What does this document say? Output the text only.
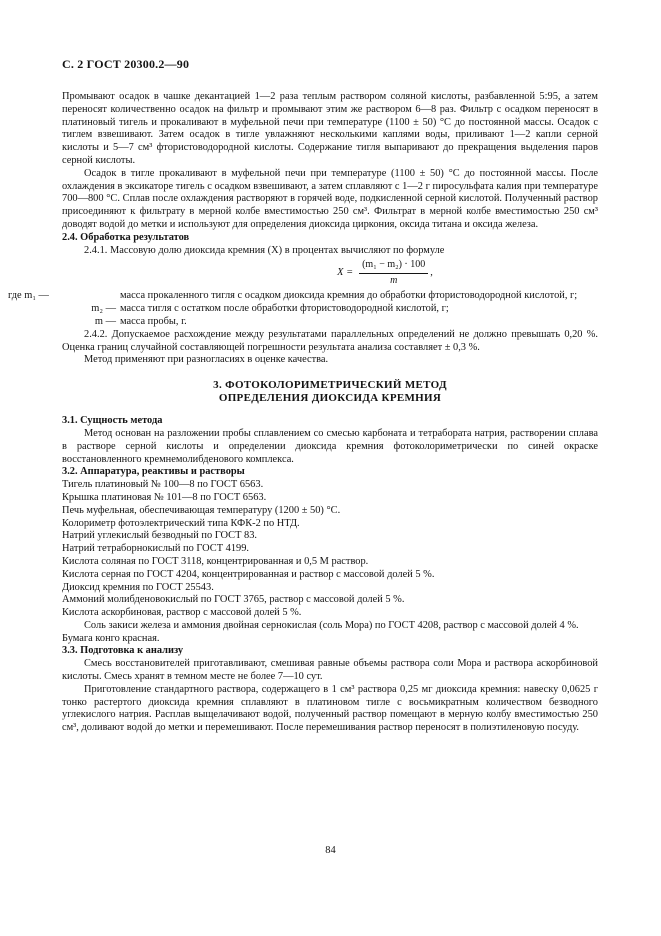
С. 2 ГОСТ 20300.2—90

Промывают осадок в чашке декантацией 1—2 раза теплым раствором соляной кислоты, разбавленной 5:95, а затем переносят количественно осадок на фильтр и промывают этим же раствором 6—8 раз. Фильтр с осадком переносят в платиновый тигель и прокаливают в муфельной печи при температуре (1100 ± 50) °С до постоянной массы. Осадок с тиглем взвешивают. Затем осадок в тигле увлажняют несколькими каплями воды, приливают 1—2 капли серной кислоты и 5—7 см³ фтористоводородной кислоты. Содержание тигля выпаривают до прекращения выделения паров серной кислоты.

Осадок в тигле прокаливают в муфельной печи при температуре (1100 ± 50) °С до постоянной массы. После охлаждения в эксикаторе тигель с осадком взвешивают, а затем сплавляют с 1—2 г пиросульфата калия при температуре 700—800 °С. Сплав после охлаждения растворяют в горячей воде, подкисленной серной кислотой. Полученный раствор присоединяют к фильтрату в мерной колбе вместимостью 250 см³. Фильтрат в мерной колбе вместимостью 250 см³ доводят водой до метки и используют для определения диоксида циркония, оксида титана и оксида железа.

2.4. Обработка результатов

2.4.1. Массовую долю диоксида кремния (X) в процентах вычисляют по формуле

$X = \frac{\text{(m₁ − m₂) · 100}}{m}$ ,
где m₁ —	масса прокаленного тигля с осадком диоксида кремния до обработки фтористоводородной кислотой, г;
m₂ — масса тигля с остатком после обработки фтористоводородной кислотой, г;
m — масса пробы, г.

2.4.2. Допускаемое расхождение между результатами параллельных определений не должно превышать 0,20 %. Оценка границ случайной составляющей погрешности результата анализа составляет ± 0,3 %.

Метод применяют при разногласиях в оценке качества.

3. ФОТОКОЛОРИМЕТРИЧЕСКИЙ МЕТОД
ОПРЕДЕЛЕНИЯ ДИОКСИДА КРЕМНИЯ

3.1. Сущность метода

Метод основан на разложении пробы сплавлением со смесью карбоната и тетрабората натрия, растворении сплава в растворе серной кислоты и определении диоксида кремния фотоколориметрически по синей окраске восстановленного кремнемолибденового комплекса.

3.2. Аппаратура, реактивы и растворы

Тигель платиновый № 100—8 по ГОСТ 6563.

Крышка платиновая № 101—8 по ГОСТ 6563.

Печь муфельная, обеспечивающая температуру (1200 ± 50) °С.

Колориметр фотоэлектрический типа КФК-2 по НТД.

Натрий углекислый безводный по ГОСТ 83.

Натрий тетраборнокислый по ГОСТ 4199.

Кислота соляная по ГОСТ 3118, концентрированная и 0,5 М раствор.

Кислота серная по ГОСТ 4204, концентрированная и раствор с массовой долей 5 %.

Диоксид кремния по ГОСТ 25543.

Аммоний молибденовокислый по ГОСТ 3765, раствор с массовой долей 5 %.

Кислота аскорбиновая, раствор с массовой долей 5 %.

Соль закиси железа и аммония двойная сернокислая (соль Мора) по ГОСТ 4208, раствор с массовой долей 4 %.

Бумага конго красная.

3.3. Подготовка к анализу

Смесь восстановителей приготавливают, смешивая равные объемы раствора соли Мора и раствора аскорбиновой кислоты. Смесь хранят в темном месте не более 7—10 сут.

Приготовление стандартного раствора, содержащего в 1 см³ раствора 0,25 мг диоксида кремния: навеску 0,0625 г тонко растертого диоксида кремния сплавляют в платиновом тигле с восьмикратным количеством безводного углекислого натрия. Расплав выщелачивают водой, полученный раствор помещают в мерную колбу вместимостью 250 см³, доливают водой до метки и перемешивают. После перемешивания раствор переносят в полиэтиленовую посуду.

84
